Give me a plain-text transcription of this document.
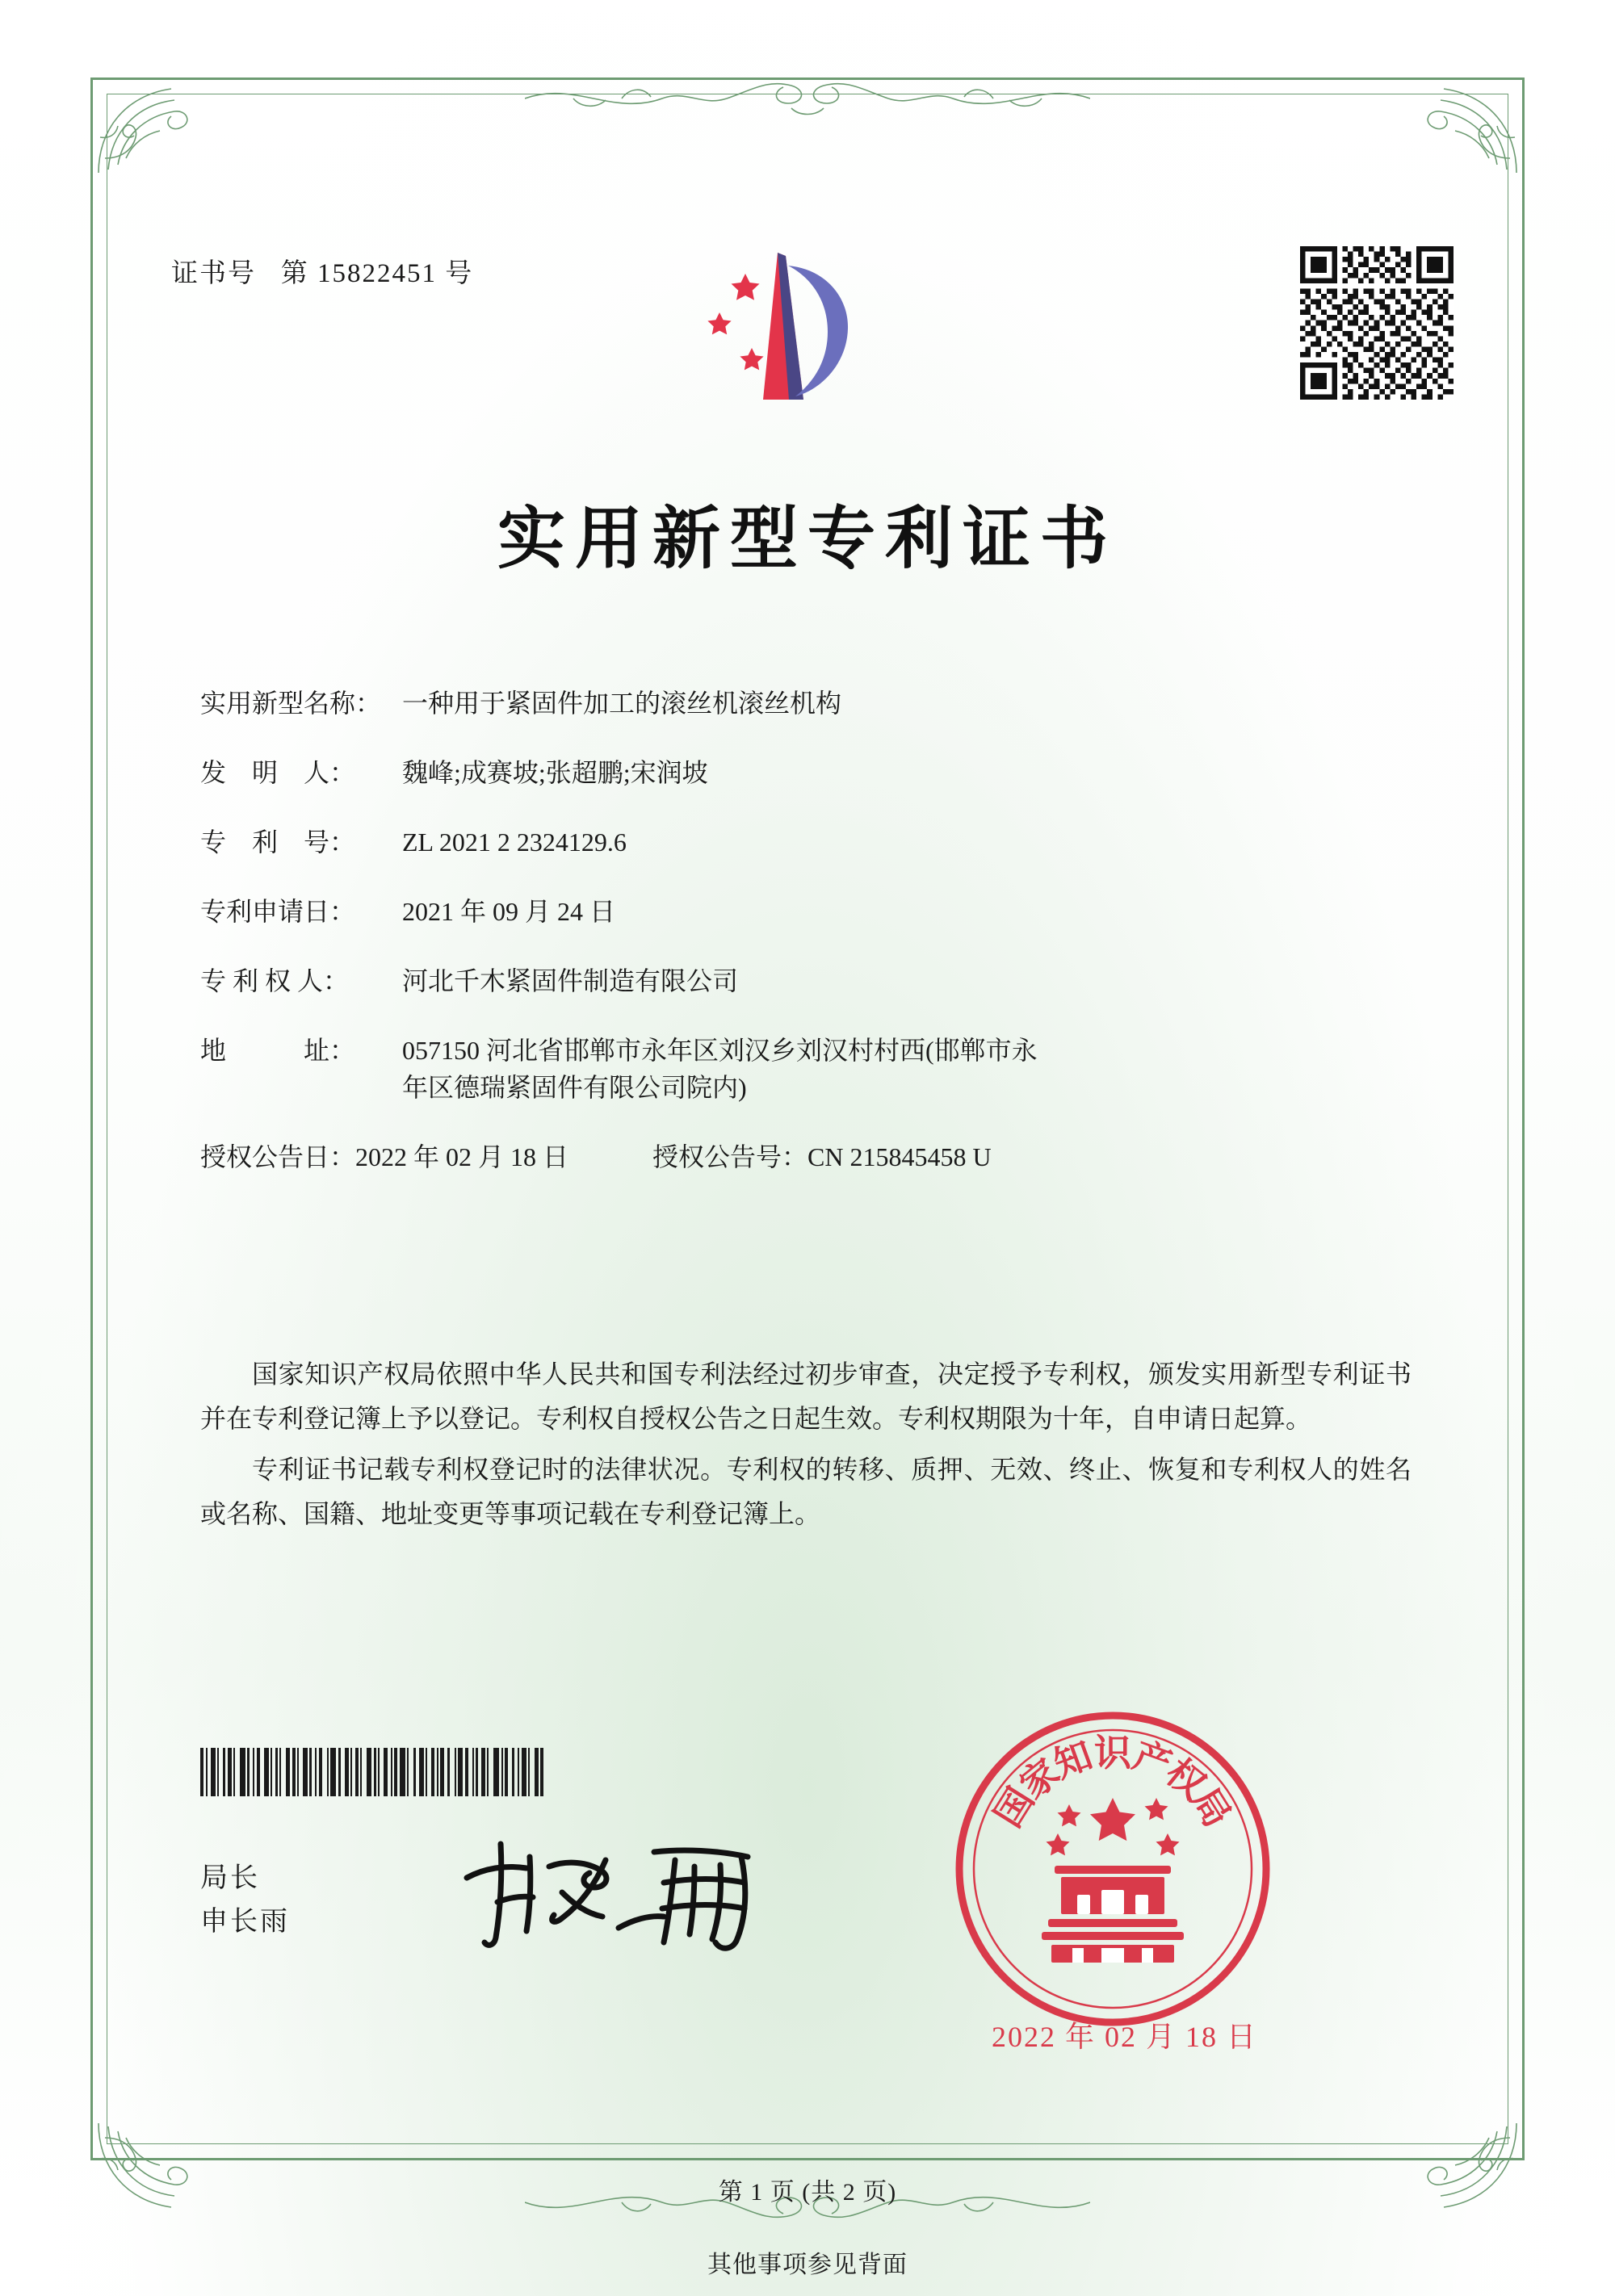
证书号 第 15822451 号
实用新型专利证书
实用新型名称： 一种用于紧固件加工的滚丝机滚丝机构
发　明　人：	魏峰;成赛坡;张超鹏;宋润坡
专　利　号：	ZL 2021 2 2324129.6
专利申请日：	2021 年 09 月 24 日
专 利 权 人：	河北千木紧固件制造有限公司
地　　　址：	057150 河北省邯郸市永年区刘汉乡刘汉村村西(邯郸市永
年区德瑞紧固件有限公司院内)
授权公告日：2022 年 02 月 18 日	授权公告号：CN 215845458 U

国家知识产权局依照中华人民共和国专利法经过初步审查，决定授予专利权，颁发实用新型专利证书并在专利登记簿上予以登记。专利权自授权公告之日起生效。专利权期限为十年，自申请日起算。

专利证书记载专利权登记时的法律状况。专利权的转移、质押、无效、终止、恢复和专利权人的姓名或名称、国籍、地址变更等事项记载在专利登记簿上。

局长
申长雨
国
家
知
识
产
权
局
2022 年 02 月 18 日
第 1 页 (共 2 页)
其他事项参见背面
